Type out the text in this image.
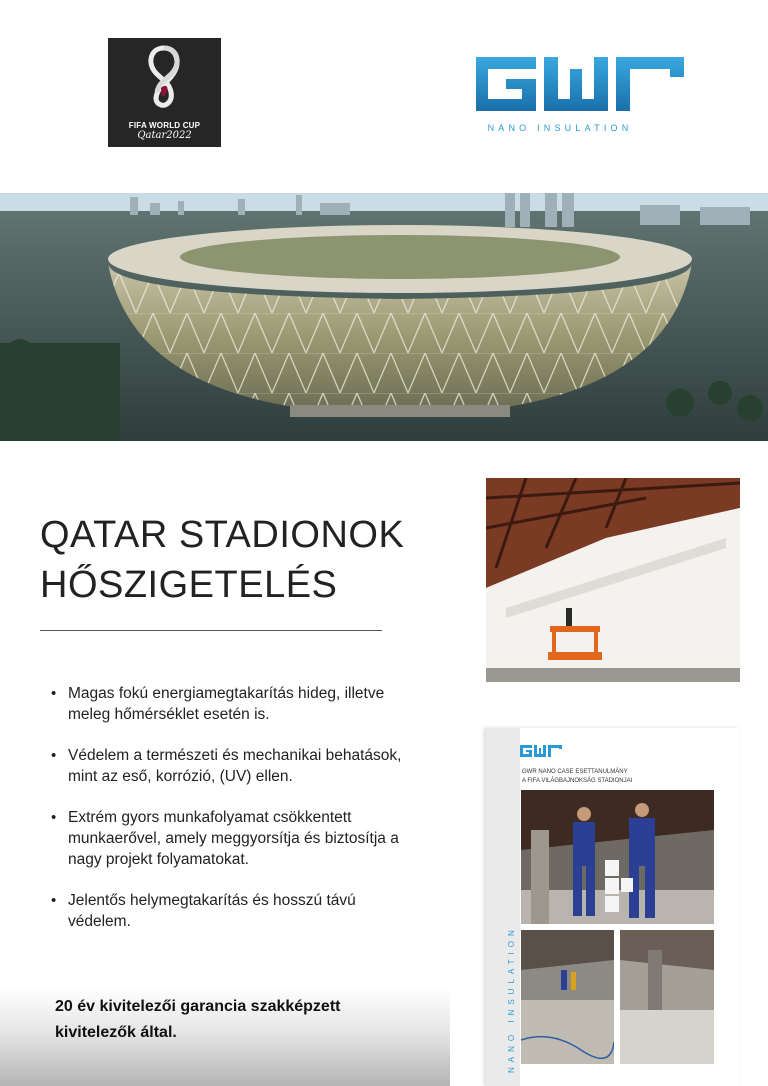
FIFA WORLD CUP
Qatar2022
NANO INSULATION
QATAR STADIONOK
HŐSZIGETELÉS
• Magas fokú energiamegtakarítás hideg, illetve meleg hőmérséklet esetén is.
• Védelem a természeti és mechanikai behatások, mint az eső, korrózió, (UV) ellen.
• Extrém gyors munkafolyamat csökkentett munkaerővel, amely meggyorsítja és biztosítja a nagy projekt folyamatokat.
• Jelentős helymegtakarítás és hosszú távú védelem.
20 év kivitelezői garancia szakképzett
kivitelezők által.	NANO INSULATION
GWR NANO CASE ESETTANULMÁNY
A FIFA VILÁGBAJNOKSÁG STADIONJAI
